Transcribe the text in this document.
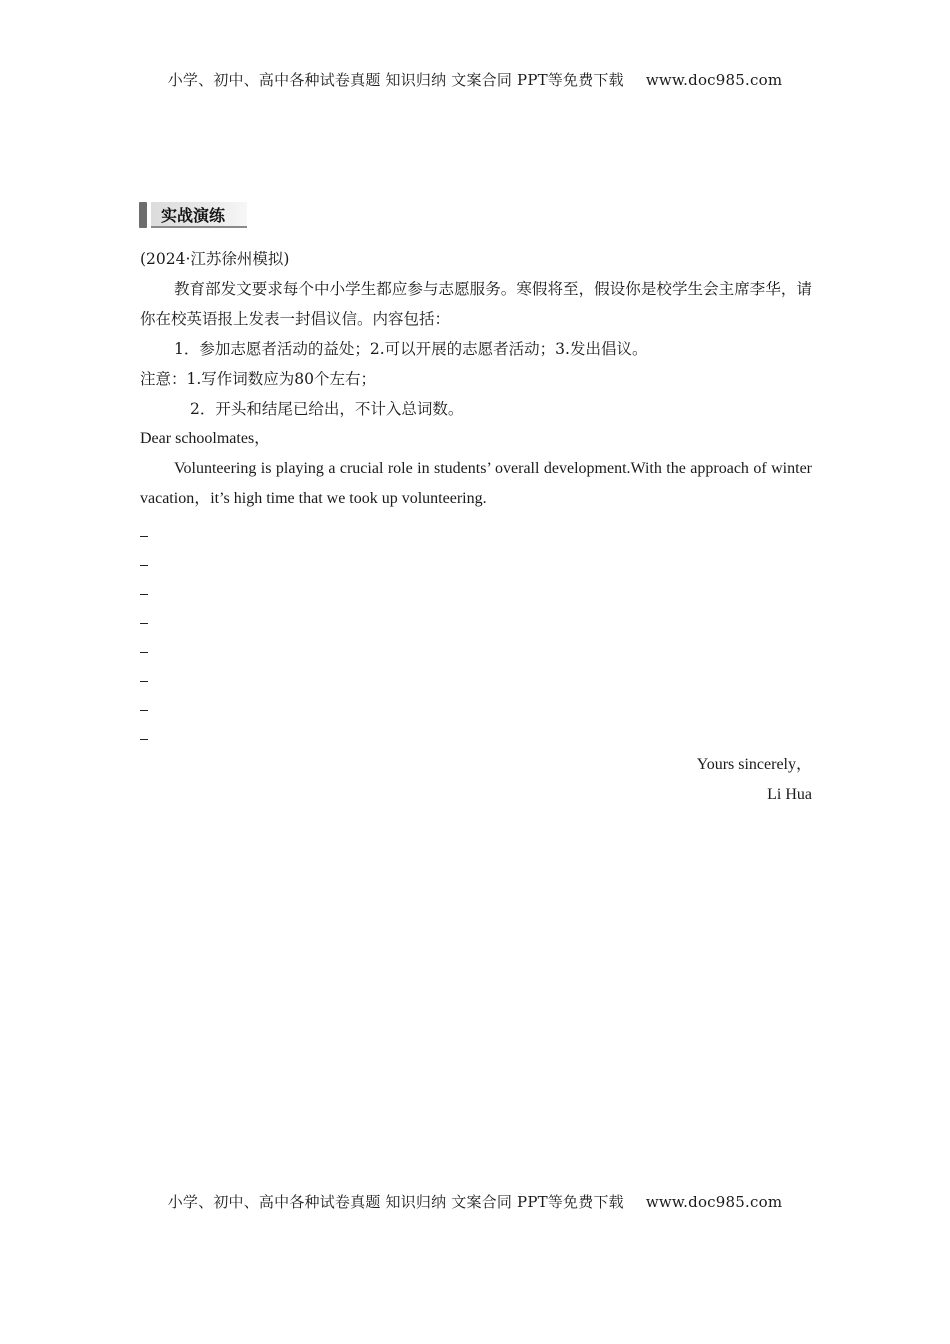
小学、初中、高中各种试卷真题 知识归纳 文案合同 PPT等免费下载 www.doc985.com
实战演练

(2024·江苏徐州模拟)

教育部发文要求每个中小学生都应参与志愿服务。寒假将至，假设你是校学生会主席李华，请你在校英语报上发表一封倡议信。内容包括：

1．参加志愿者活动的益处；2.可以开展的志愿者活动；3.发出倡议。

注意：1.写作词数应为80个左右；

2．开头和结尾已给出，不计入总词数。

Dear schoolmates，

Volunteering is playing a crucial role in students’ overall development.With the approach of winter vacation，it’s high time that we took up volunteering.

Yours sincerely，

Li Hua

小学、初中、高中各种试卷真题 知识归纳 文案合同 PPT等免费下载 www.doc985.com
